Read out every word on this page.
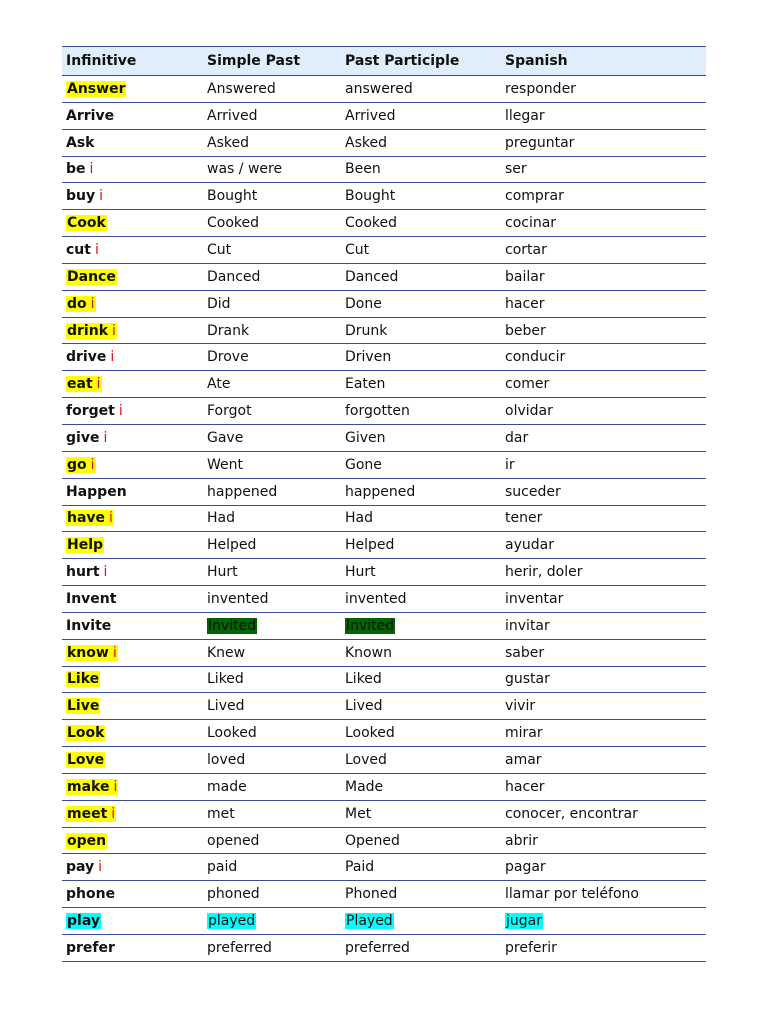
Infinitive	Simple Past	Past Participle	Spanish
Answer	Answered	answered	responder
Arrive	Arrived	Arrived	llegar
Ask	Asked	Asked	preguntar
be i	was / were	Been	ser
buy i	Bought	Bought	comprar
Cook	Cooked	Cooked	cocinar
cut i	Cut	Cut	cortar
Dance	Danced	Danced	bailar
do i	Did	Done	hacer
drink i	Drank	Drunk	beber
drive i	Drove	Driven	conducir
eat i	Ate	Eaten	comer
forget i	Forgot	forgotten	olvidar
give i	Gave	Given	dar
go i	Went	Gone	ir
Happen	happened	happened	suceder
have i	Had	Had	tener
Help	Helped	Helped	ayudar
hurt i	Hurt	Hurt	herir, doler
Invent	invented	invented	inventar
Invite	Invited	Invited	invitar
know i	Knew	Known	saber
Like	Liked	Liked	gustar
Live	Lived	Lived	vivir
Look	Looked	Looked	mirar
Love	loved	Loved	amar
make i	made	Made	hacer
meet i	met	Met	conocer, encontrar
open	opened	Opened	abrir
pay i	paid	Paid	pagar
phone	phoned	Phoned	llamar por teléfono
play	played	Played	jugar
prefer	preferred	preferred	preferir
